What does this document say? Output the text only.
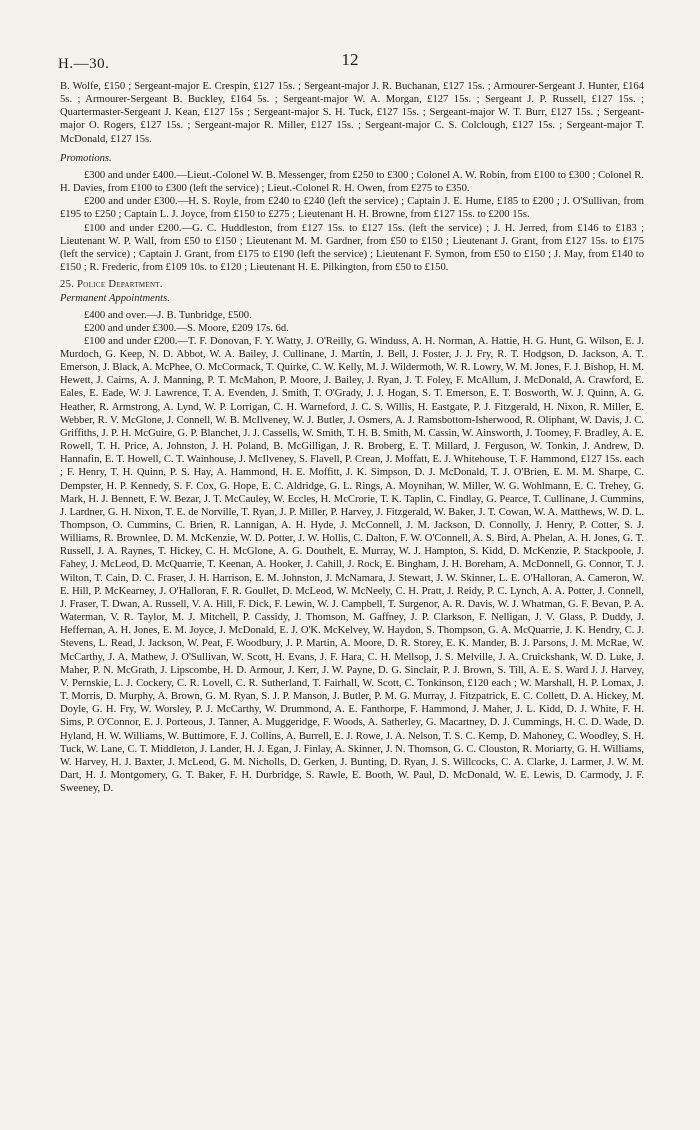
H.—30.	12

B. Wolfe, £150 ; Sergeant-major E. Crespin, £127 15s. ; Sergeant-major J. R. Buchanan, £127 15s. ; Armourer-Sergeant J. Hunter, £164 5s. ; Armourer-Sergeant B. Buckley, £164 5s. ; Sergeant-major W. A. Morgan, £127 15s. ; Sergeant J. P. Russell, £127 15s. ; Quartermaster-Sergeant J. Kean, £127 15s ; Sergeant-major S. H. Tuck, £127 15s. ; Sergeant-major W. T. Burr, £127 15s. ; Sergeant-major O. Rogers, £127 15s. ; Sergeant-major R. Miller, £127 15s. ; Sergeant-major C. S. Colclough, £127 15s. ; Sergeant-major T. McDonald, £127 15s.

Promotions.

£300 and under £400.—Lieut.-Colonel W. B. Messenger, from £250 to £300 ; Colonel A. W. Robin, from £100 to £300 ; Colonel R. H. Davies, from £100 to £300 (left the service) ; Lieut.-Colonel R. H. Owen, from £275 to £350.

£200 and under £300.—H. S. Royle, from £240 to £240 (left the service) ; Captain J. E. Hume, £185 to £200 ; J. O'Sullivan, from £195 to £250 ; Captain L. J. Joyce, from £150 to £275 ; Lieutenant H. H. Browne, from £127 15s. to £200 15s.

£100 and under £200.—G. C. Huddleston, from £127 15s. to £127 15s. (left the service) ; J. H. Jerred, from £146 to £183 ; Lieutenant W. P. Wall, from £50 to £150 ; Lieutenant M. M. Gardner, from £50 to £150 ; Lieutenant J. Grant, from £127 15s. to £175 (left the service) ; Captain J. Grant, from £175 to £190 (left the service) ; Lieutenant F. Symon, from £50 to £150 ; J. May, from £140 to £150 ; R. Frederic, from £109 10s. to £120 ; Lieutenant H. E. Pilkington, from £50 to £150.

25. Police Department.

Permanent Appointments.

£400 and over.—J. B. Tunbridge, £500.

£200 and under £300.—S. Moore, £209 17s. 6d.

£100 and under £200.—T. F. Donovan, F. Y. Watty, J. O'Reilly, G. Winduss, A. H. Norman, A. Hattie, H. G. Hunt, G. Wilson, E. J. Murdoch, G. Keep, N. D. Abbot, W. A. Bailey, J. Cullinane, J. Martin, J. Bell, J. Foster, J. J. Fry, R. T. Hodgson, D. Jackson, A. T. Emerson, J. Black, A. McPhee, O. McCormack, T. Quirke, C. W. Kelly, M. J. Wildermoth, W. R. Lowry, W. M. Jones, F. J. Bishop, H. M. Hewett, J. Cairns, A. J. Manning, P. T. McMahon, P. Moore, J. Bailey, J. Ryan, J. T. Foley, F. McAllum, J. McDonald, A. Crawford, E. Eales, E. Eade, W. J. Lawrence, T. A. Evenden, J. Smith, T. O'Grady, J. J. Hogan, S. T. Emerson, E. T. Bosworth, W. J. Quinn, A. G. Heather, R. Armstrong, A. Lynd, W. P. Lorrigan, C. H. Warneford, J. C. S. Willis, H. Eastgate, P. J. Fitzgerald, H. Nixon, R. Miller, E. Webber, R. V. McGlone, J. Connell, W. B. McIlveney, W. J. Butler, J. Osmers, A. J. Ramsbottom-Isherwood, R. Oliphant, W. Davis, J. C. Griffiths, J. P. H. McGuire, G. P. Blanchet, J. J. Cassells, W. Smith, T. H. B. Smith, M. Cassin, W. Ainsworth, J. Toomey, F. Bradley, A. E. Rowell, T. H. Price, A. Johnston, J. H. Poland, B. McGilligan, J. R. Broberg, E. T. Millard, J. Ferguson, W. Tonkin, J. Andrew, D. Hannafin, E. T. Howell, C. T. Wainhouse, J. McIlveney, S. Flavell, P. Crean, J. Moffatt, E. J. Whitehouse, T. F. Hammond, £127 15s. each ; F. Henry, T. H. Quinn, P. S. Hay, A. Hammond, H. E. Moffitt, J. K. Simpson, D. J. McDonald, T. J. O'Brien, E. M. M. Sharpe, C. Dempster, H. P. Kennedy, S. F. Cox, G. Hope, E. C. Aldridge, G. L. Rings, A. Moynihan, W. Miller, W. G. Wohlmann, E. C. Trehey, G. Mark, H. J. Bennett, F. W. Bezar, J. T. McCauley, W. Eccles, H. McCrorie, T. K. Taplin, C. Findlay, G. Pearce, T. Cullinane, J. Cummins, J. Lardner, G. H. Nixon, T. E. de Norville, T. Ryan, J. P. Miller, P. Harvey, J. Fitzgerald, W. Baker, J. T. Cowan, W. A. Matthews, W. D. L. Thompson, O. Cummins, C. Brien, R. Lannigan, A. H. Hyde, J. McConnell, J. M. Jackson, D. Connolly, J. Henry, P. Cotter, S. J. Williams, R. Brownlee, D. M. McKenzie, W. D. Potter, J. W. Hollis, C. Dalton, F. W. O'Connell, A. S. Bird, A. Phelan, A. H. Jones, G. T. Russell, J. A. Raynes, T. Hickey, C. H. McGlone, A. G. Douthelt, E. Murray, W. J. Hampton, S. Kidd, D. McKenzie, P. Stackpoole, J. Fahey, J. McLeod, D. McQuarrie, T. Keenan, A. Hooker, J. Cahill, J. Rock, E. Bingham, J. H. Boreham, A. McDonnell, G. Connor, T. J. Wilton, T. Cain, D. C. Fraser, J. H. Harrison, E. M. Johnston, J. McNamara, J. Stewart, J. W. Skinner, L. E. O'Halloran, A. Cameron, W. E. Hill, P. McKearney, J. O'Halloran, F. R. Goullet, D. McLeod, W. McNeely, C. H. Pratt, J. Reidy, P. C. Lynch, A. A. Potter, J. Connell, J. Fraser, T. Dwan, A. Russell, V. A. Hill, F. Dick, F. Lewin, W. J. Campbell, T. Surgenor, A. R. Davis, W. J. Whatman, G. F. Bevan, P. A. Waterman, V. R. Taylor, M. J. Mitchell, P. Cassidy, J. Thomson, M. Gaffney, J. P. Clarkson, F. Nelligan, J. V. Glass, P. Duddy, J. Heffernan, A. H. Jones, E. M. Joyce, J. McDonald, E. J. O'K. McKelvey, W. Haydon, S. Thompson, G. A. McQuarrie, J. K. Hendry, C. J. Stevens, L. Read, J. Jackson, W. Peat, F. Woodbury, J. P. Martin, A. Moore, D. R. Storey, E. K. Mander, B. J. Parsons, J. M. McRae, W. McCarthy, J. A. Mathew, J. O'Sullivan, W. Scott, H. Evans, J. F. Hara, C. H. Mellsop, J. S. Melville, J. A. Cruickshank, W. D. Luke, J. Maher, P. N. McGrath, J. Lipscombe, H. D. Armour, J. Kerr, J. W. Payne, D. G. Sinclair, P. J. Brown, S. Till, A. E. S. Ward J. J. Harvey, V. Pernskie, L. J. Cockery, C. R. Lovell, C. R. Sutherland, T. Fairhall, W. Scott, C. Tonkinson, £120 each ; W. Marshall, H. P. Lomax, J. T. Morris, D. Murphy, A. Brown, G. M. Ryan, S. J. P. Manson, J. Butler, P. M. G. Murray, J. Fitzpatrick, E. C. Collett, D. A. Hickey, M. Doyle, G. H. Fry, W. Worsley, P. J. McCarthy, W. Drummond, A. E. Fanthorpe, F. Hammond, J. Maher, J. L. Kidd, D. J. White, F. H. Sims, P. O'Connor, E. J. Porteous, J. Tanner, A. Muggeridge, F. Woods, A. Satherley, G. Macartney, D. J. Cummings, H. C. D. Wade, D. Hyland, H. W. Williams, W. Buttimore, F. J. Collins, A. Burrell, E. J. Rowe, J. A. Nelson, T. S. C. Kemp, D. Mahoney, C. Woodley, S. H. Tuck, W. Lane, C. T. Middleton, J. Lander, H. J. Egan, J. Finlay, A. Skinner, J. N. Thomson, G. C. Clouston, R. Moriarty, G. H. Williams, W. Harvey, H. J. Baxter, J. McLeod, G. M. Nicholls, D. Gerken, J. Bunting, D. Ryan, J. S. Willcocks, C. A. Clarke, J. Larmer, J. W. M. Dart, H. J. Montgomery, G. T. Baker, F. H. Durbridge, S. Rawle, E. Booth, W. Paul, D. McDonald, W. E. Lewis, D. Carmody, J. F. Sweeney, D.
